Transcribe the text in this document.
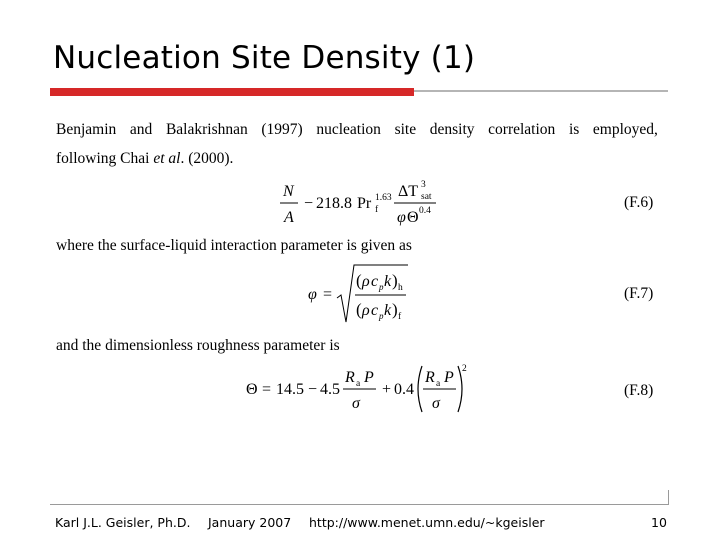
Nucleation Site Density (1)
Benjamin and Balakrishnan (1997) nucleation site density correlation is employed,
following Chai et al. (2000).
N
A
− 218.8 Pr 1.63
f
ΔT 3
sat
φ Θ 0.4	(F.6)
where the surface-liquid interaction parameter is given as
φ =
( ρ c p k ) h
( ρ c p k ) f
(F.7)
and the dimensionless roughness parameter is
Θ = 14.5 − 4.5
R a P
σ
+ 0.4
R a P
σ
2
(F.8)
Karl J.L. Geisler, Ph.D. January 2007 http://www.menet.umn.edu/~kgeisler	10
